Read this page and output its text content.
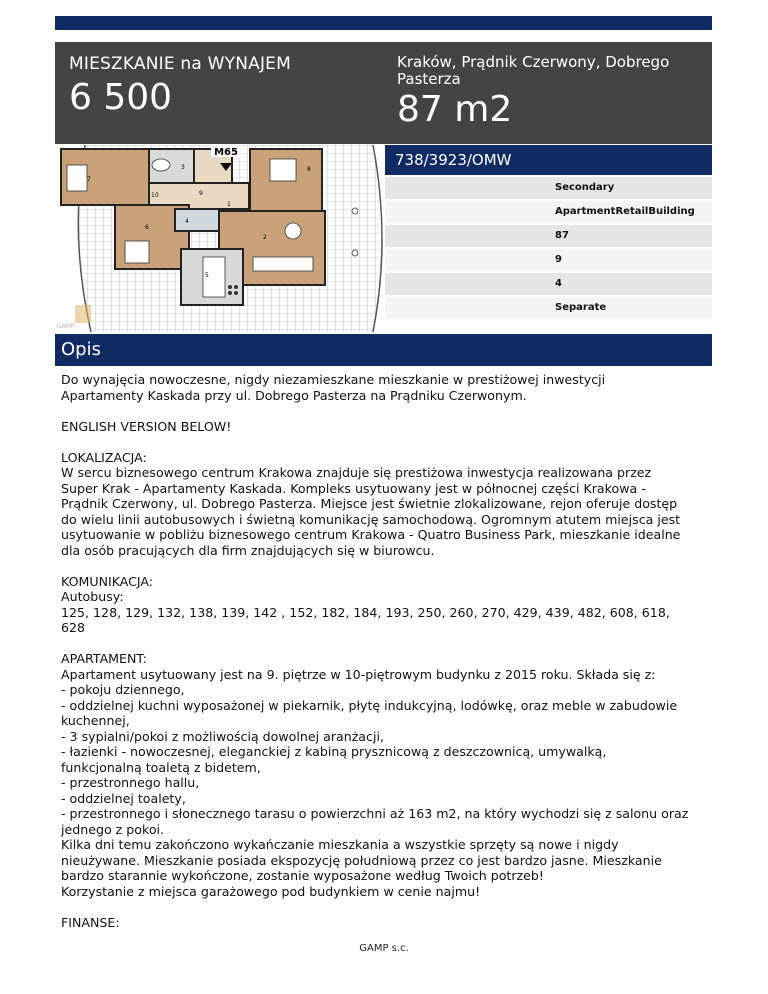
MIESZKANIE na WYNAJEM
6 500
Kraków, Prądnik Czerwony, Dobrego Pasterza
87 m2
M65
7
3	8
1
6
4
2
5
9
10
GAMP
738/3923/OMW
Secondary
ApartmentRetailBuilding
87
9
4
Separate
Opis

Do wynajęcia nowoczesne, nigdy niezamieszkane mieszkanie w prestiżowej inwestycji
Apartamenty Kaskada przy ul. Dobrego Pasterza na Prądniku Czerwonym.

ENGLISH VERSION BELOW!

LOKALIZACJA:
W sercu biznesowego centrum Krakowa znajduje się prestiżowa inwestycja realizowana przez
Super Krak - Apartamenty Kaskada. Kompleks usytuowany jest w północnej części Krakowa -
Prądnik Czerwony, ul. Dobrego Pasterza. Miejsce jest świetnie zlokalizowane, rejon oferuje dostęp
do wielu linii autobusowych i świetną komunikację samochodową. Ogromnym atutem miejsca jest
usytuowanie w pobliżu biznesowego centrum Krakowa - Quatro Business Park, mieszkanie idealne
dla osób pracujących dla firm znajdujących się w biurowcu.

KOMUNIKACJA:
Autobusy:
125, 128, 129, 132, 138, 139, 142 , 152, 182, 184, 193, 250, 260, 270, 429, 439, 482, 608, 618,
628

APARTAMENT:
Apartament usytuowany jest na 9. piętrze w 10-piętrowym budynku z 2015 roku. Składa się z:
- pokoju dziennego,
- oddzielnej kuchni wyposażonej w piekarnik, płytę indukcyjną, lodówkę, oraz meble w zabudowie
kuchennej,
- 3 sypialni/pokoi z możliwością dowolnej aranżacji,
- łazienki - nowoczesnej, eleganckiej z kabiną prysznicową z deszczownicą, umywalką,
funkcjonalną toaletą z bidetem,
- przestronnego hallu,
- oddzielnej toalety,
- przestronnego i słonecznego tarasu o powierzchni aż 163 m2, na który wychodzi się z salonu oraz
jednego z pokoi.
Kilka dni temu zakończono wykańczanie mieszkania a wszystkie sprzęty są nowe i nigdy
nieużywane. Mieszkanie posiada ekspozycję południową przez co jest bardzo jasne. Mieszkanie
bardzo starannie wykończone, zostanie wyposażone według Twoich potrzeb!
Korzystanie z miejsca garażowego pod budynkiem w cenie najmu!

FINANSE:

GAMP s.c.
